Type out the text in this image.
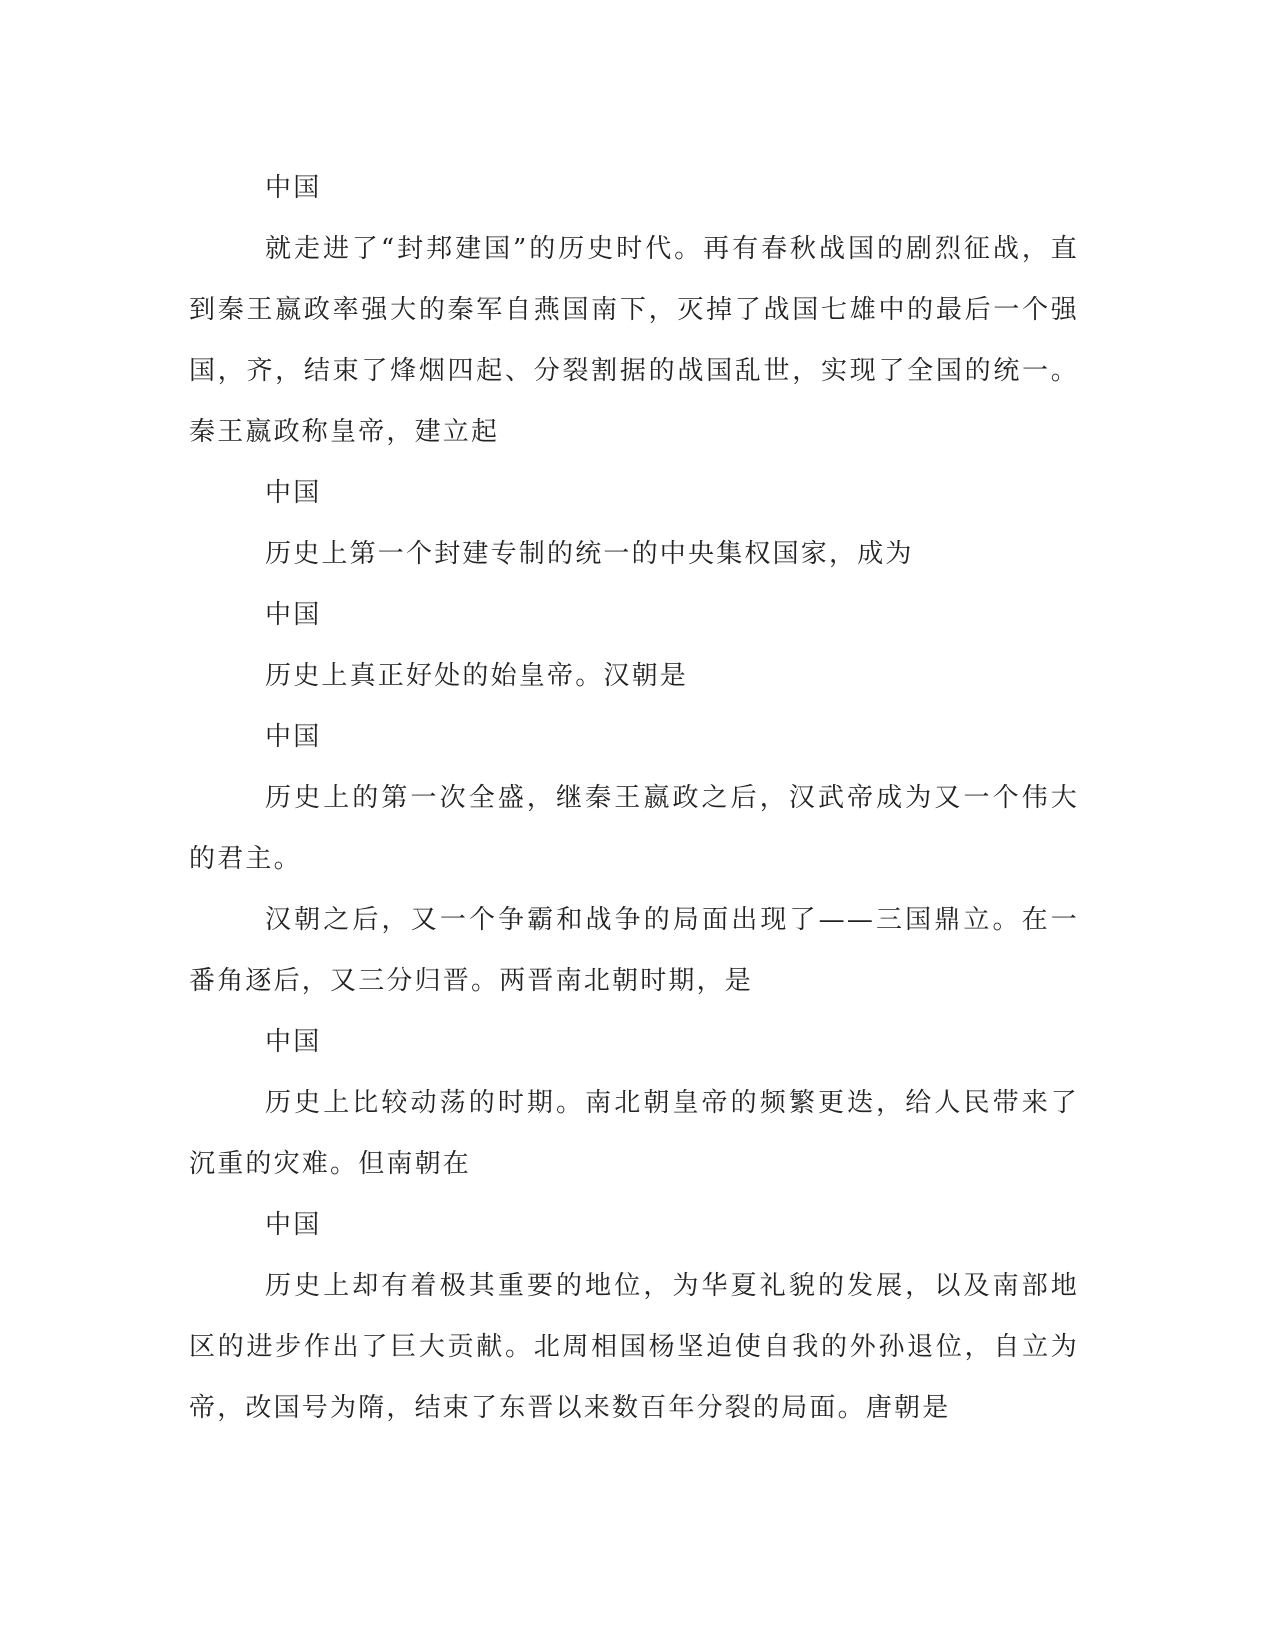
中国

就走进了“封邦建国”的历史时代。再有春秋战国的剧烈征战，直到秦王嬴政率强大的秦军自燕国南下，灭掉了战国七雄中的最后一个强国，齐，结束了烽烟四起、分裂割据的战国乱世，实现了全国的统一。秦王嬴政称皇帝，建立起

中国

历史上第一个封建专制的统一的中央集权国家，成为

中国

历史上真正好处的始皇帝。汉朝是

中国

历史上的第一次全盛，继秦王嬴政之后，汉武帝成为又一个伟大的君主。

汉朝之后，又一个争霸和战争的局面出现了——三国鼎立。在一番角逐后，又三分归晋。两晋南北朝时期，是

中国

历史上比较动荡的时期。南北朝皇帝的频繁更迭，给人民带来了沉重的灾难。但南朝在

中国

历史上却有着极其重要的地位，为华夏礼貌的发展，以及南部地区的进步作出了巨大贡献。北周相国杨坚迫使自我的外孙退位，自立为帝，改国号为隋，结束了东晋以来数百年分裂的局面。唐朝是
